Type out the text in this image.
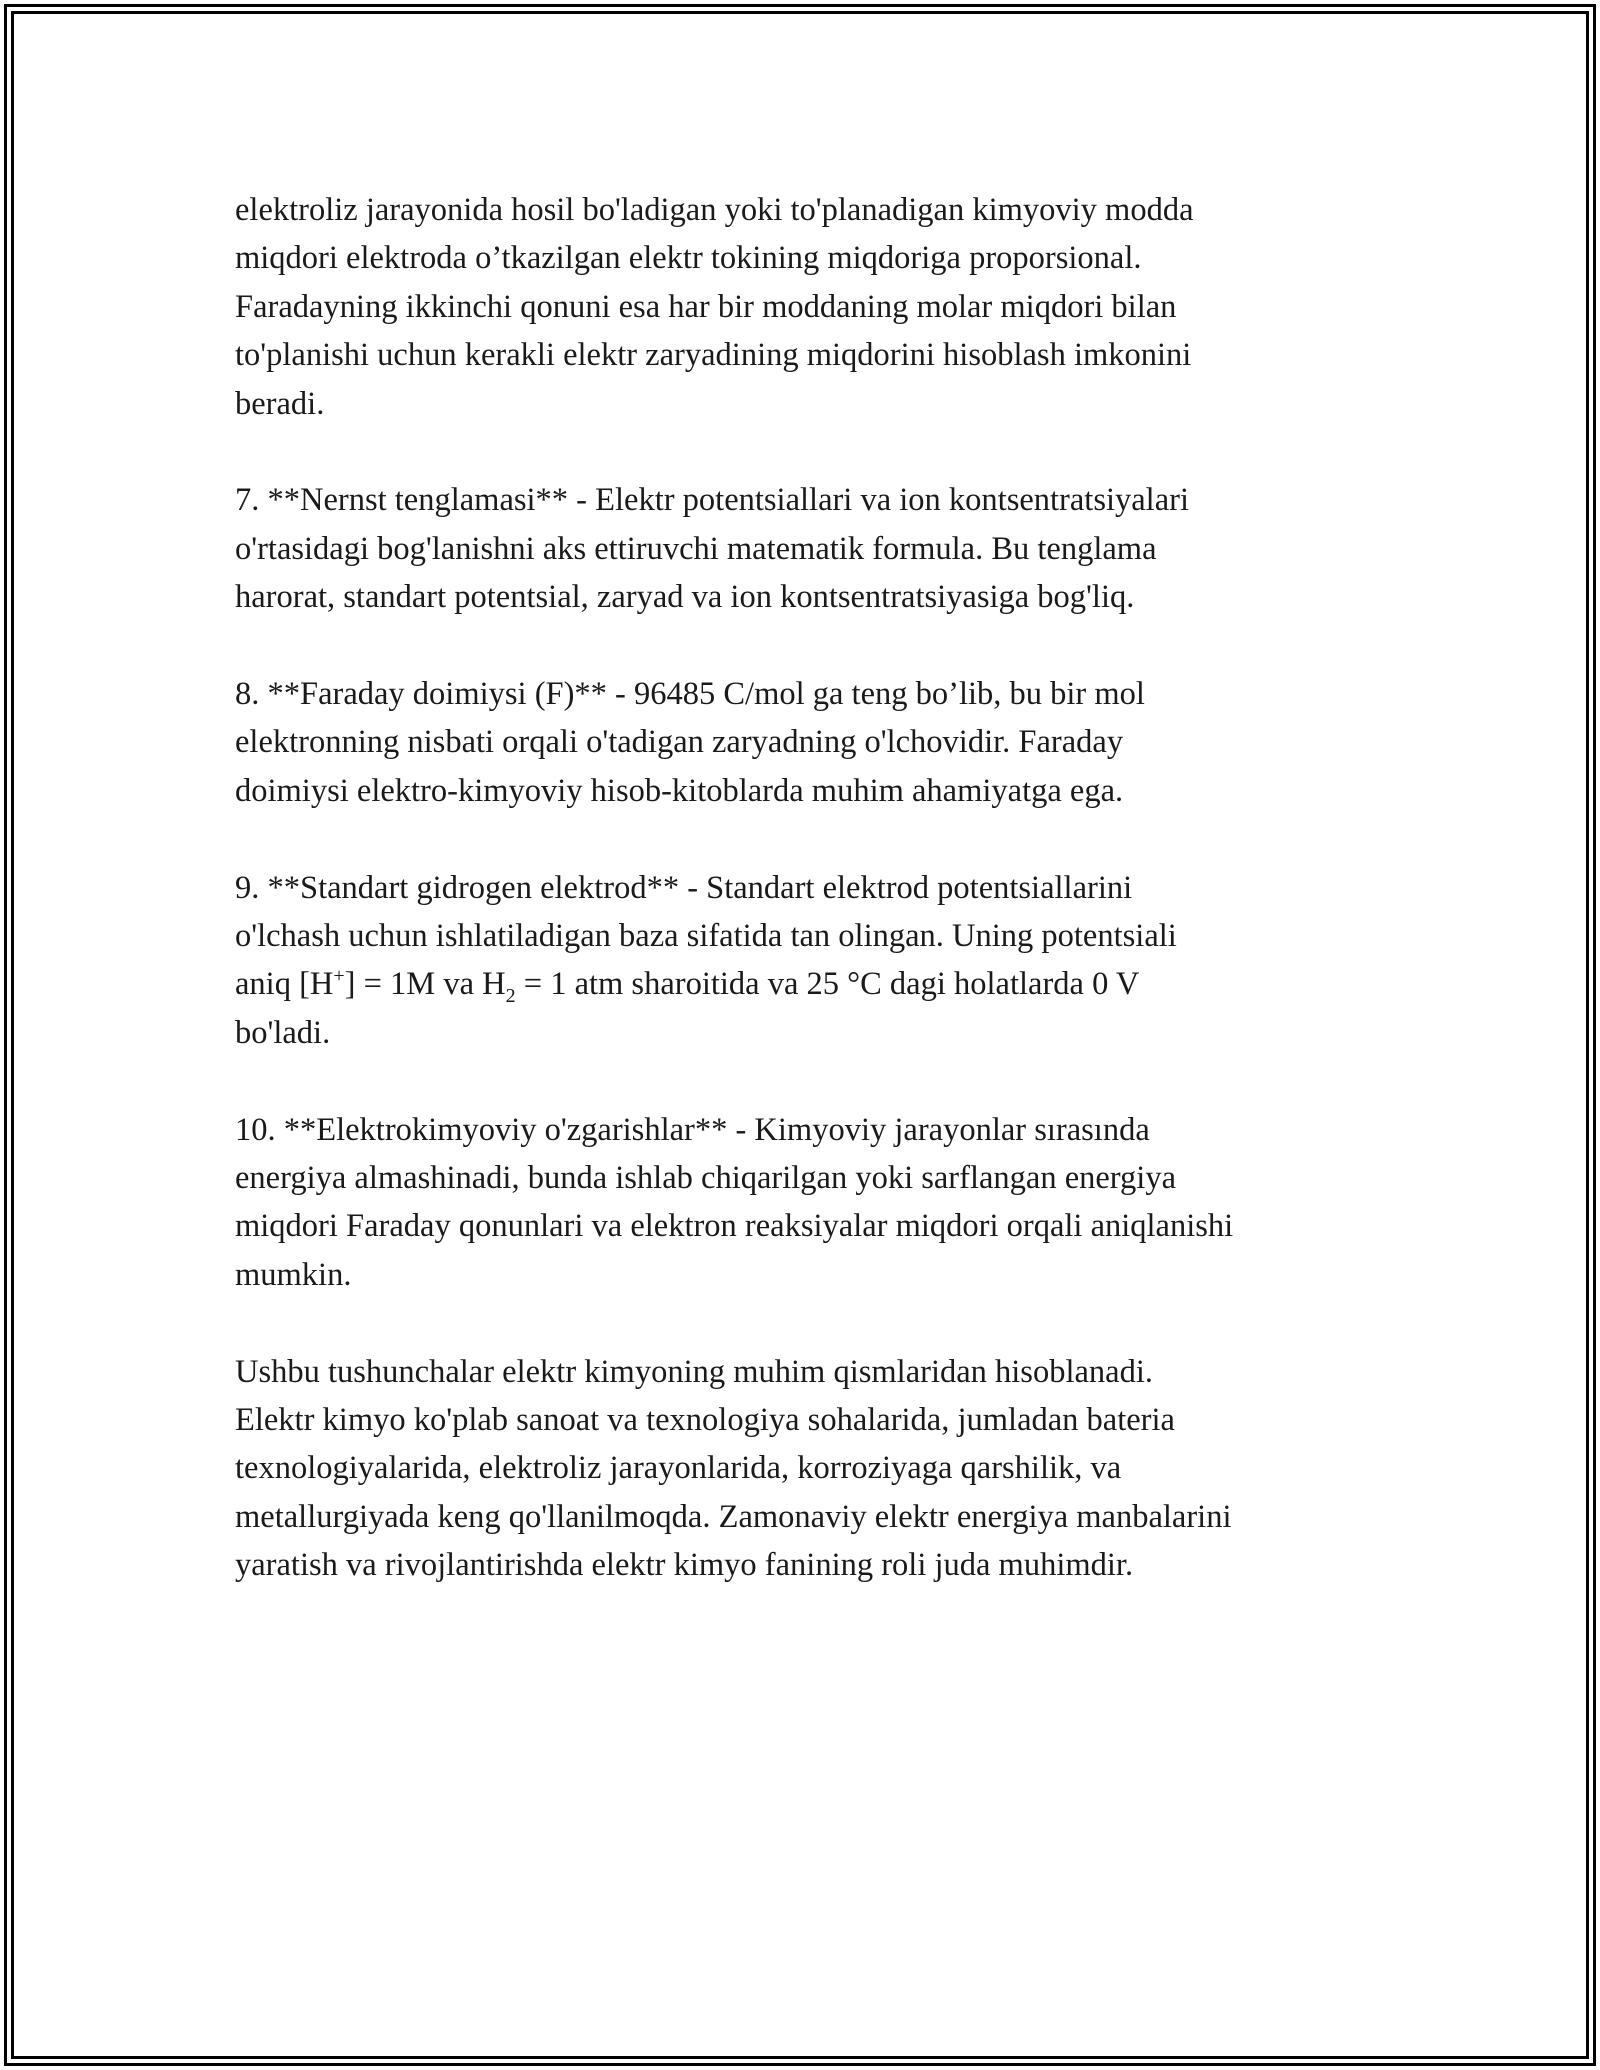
elektroliz jarayonida hosil bo'ladigan yoki to'planadigan kimyoviy modda
miqdori elektroda o’tkazilgan elektr tokining miqdoriga proporsional.
Faradayning ikkinchi qonuni esa har bir moddaning molar miqdori bilan
to'planishi uchun kerakli elektr zaryadining miqdorini hisoblash imkonini
beradi.

7. **Nernst tenglamasi** - Elektr potentsiallari va ion kontsentratsiyalari
o'rtasidagi bog'lanishni aks ettiruvchi matematik formula. Bu tenglama
harorat, standart potentsial, zaryad va ion kontsentratsiyasiga bog'liq.

8. **Faraday doimiysi (F)** - 96485 C/mol ga teng bo’lib, bu bir mol
elektronning nisbati orqali o'tadigan zaryadning o'lchovidir. Faraday
doimiysi elektro-kimyoviy hisob-kitoblarda muhim ahamiyatga ega.

9. **Standart gidrogen elektrod** - Standart elektrod potentsiallarini
o'lchash uchun ishlatiladigan baza sifatida tan olingan. Uning potentsiali
aniq [H+] = 1M va $H_2 = 1$ atm sharoitida va 25 °C dagi holatlarda 0 V
bo'ladi.

10. **Elektrokimyoviy o'zgarishlar** - Kimyoviy jarayonlar sırasında
energiya almashinadi, bunda ishlab chiqarilgan yoki sarflangan energiya
miqdori Faraday qonunlari va elektron reaksiyalar miqdori orqali aniqlanishi
mumkin.

Ushbu tushunchalar elektr kimyoning muhim qismlaridan hisoblanadi.
Elektr kimyo ko'plab sanoat va texnologiya sohalarida, jumladan bateria
texnologiyalarida, elektroliz jarayonlarida, korroziyaga qarshilik, va
metallurgiyada keng qo'llanilmoqda. Zamonaviy elektr energiya manbalarini
yaratish va rivojlantirishda elektr kimyo fanining roli juda muhimdir.
